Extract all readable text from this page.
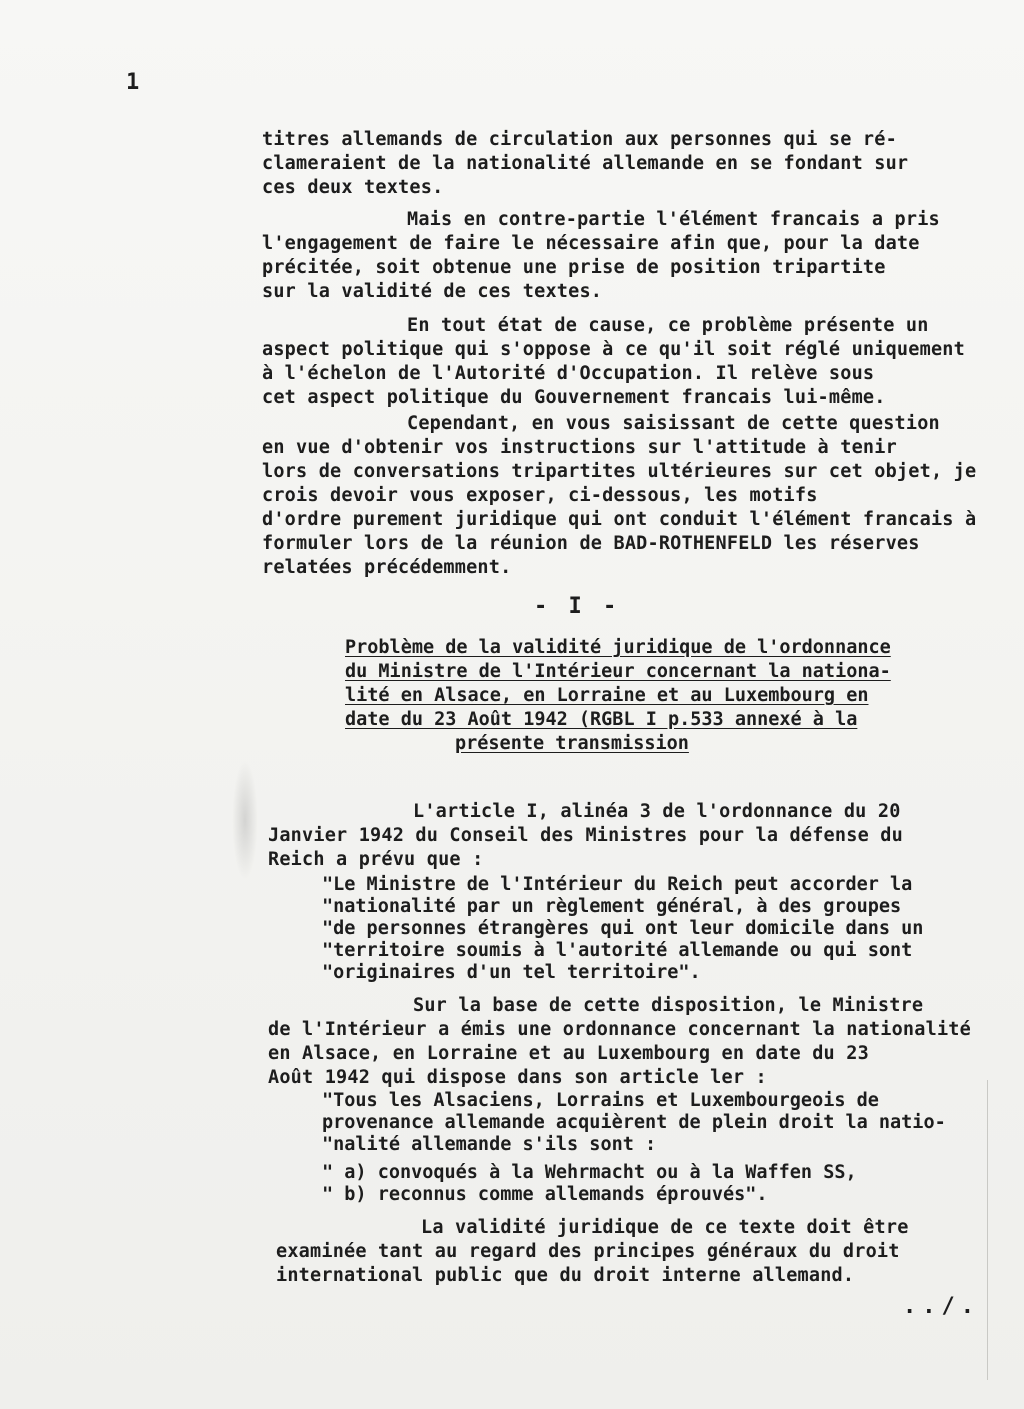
1

titres allemands de circulation aux personnes qui se ré-
clameraient de la nationalité allemande en se fondant sur
ces deux textes.

Mais en contre-partie l'élément francais a pris
l'engagement de faire le nécessaire afin que, pour la date
précitée, soit obtenue une prise de position tripartite
sur la validité de ces textes.

En tout état de cause, ce problème présente un
aspect politique qui s'oppose à ce qu'il soit réglé uniquement à l'échelon de l'Autorité d'Occupation. Il relève sous
cet aspect politique du Gouvernement francais lui-même.

Cependant, en vous saisissant de cette question
en vue d'obtenir vos instructions sur l'attitude à tenir
lors de conversations tripartites ultérieures sur cet objet, je crois devoir vous exposer, ci-dessous, les motifs
d'ordre purement juridique qui ont conduit l'élément francais à formuler lors de la réunion de BAD-ROTHENFELD les réserves relatées précédemment.

- I -
Problème de la validité juridique de l'ordonnance
du Ministre de l'Intérieur concernant la nationa-
lité en Alsace, en Lorraine et au Luxembourg en
date du 23 Août 1942 (RGBL I p.533 annexé à la
présente transmission

L'article I, alinéa 3 de l'ordonnance du 20
Janvier 1942 du Conseil des Ministres pour la défense du
Reich a prévu que :

"Le Ministre de l'Intérieur du Reich peut accorder la
"nationalité par un règlement général, à des groupes
"de personnes étrangères qui ont leur domicile dans un
"territoire soumis à l'autorité allemande ou qui sont
"originaires d'un tel territoire".

Sur la base de cette disposition, le Ministre
de l'Intérieur a émis une ordonnance concernant la nationalité en Alsace, en Lorraine et au Luxembourg en date du 23
Août 1942 qui dispose dans son article ler :

"Tous les Alsaciens, Lorrains et Luxembourgeois de provenance allemande acquièrent de plein droit la natio-
"nalité allemande s'ils sont :

" a) convoqués à la Wehrmacht ou à la Waffen SS,
" b) reconnus comme allemands éprouvés".

La validité juridique de ce texte doit être
examinée tant au regard des principes généraux du droit
international public que du droit interne allemand.

../.
